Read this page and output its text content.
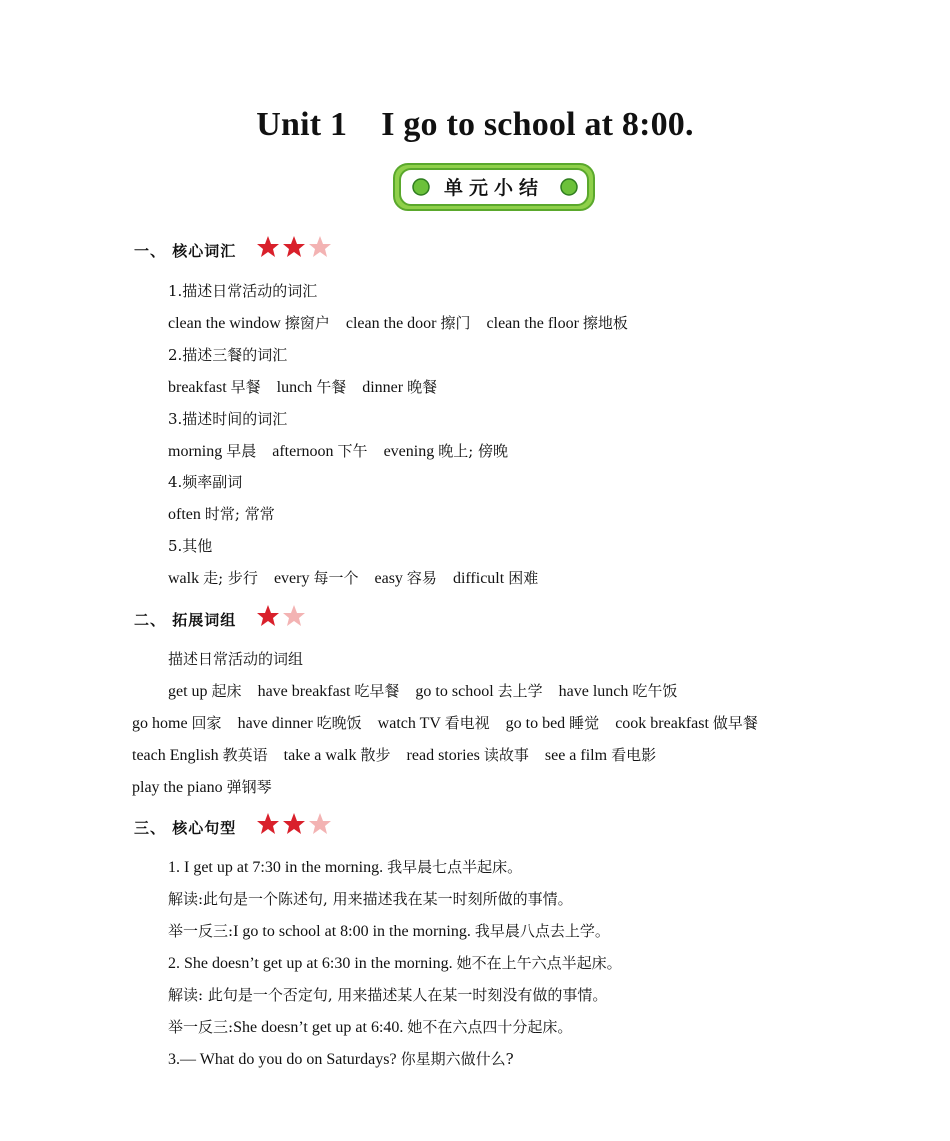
Unit 1 I go to school at 8:00.
单元小结
一、 核心词汇
1.描述日常活动的词汇
clean the window 擦窗户 clean the door 擦门 clean the floor 擦地板
2.描述三餐的词汇
breakfast 早餐 lunch 午餐 dinner 晚餐
3.描述时间的词汇
morning 早晨 afternoon 下午 evening 晚上; 傍晚
4.频率副词
often 时常; 常常
5.其他
walk 走; 步行 every 每一个 easy 容易 difficult 困难
二、 拓展词组
描述日常活动的词组
get up 起床 have breakfast 吃早餐 go to school 去上学 have lunch 吃午饭
go home 回家 have dinner 吃晚饭 watch TV 看电视 go to bed 睡觉 cook breakfast 做早餐
teach English 教英语 take a walk 散步 read stories 读故事 see a film 看电影
play the piano 弹钢琴
三、 核心句型
1. I get up at 7:30 in the morning. 我早晨七点半起床。
解读:此句是一个陈述句, 用来描述我在某一时刻所做的事情。
举一反三:I go to school at 8:00 in the morning. 我早晨八点去上学。
2. She doesn’t get up at 6:30 in the morning. 她不在上午六点半起床。
解读: 此句是一个否定句, 用来描述某人在某一时刻没有做的事情。
举一反三:She doesn’t get up at 6:40. 她不在六点四十分起床。
3.— What do you do on Saturdays? 你星期六做什么?
